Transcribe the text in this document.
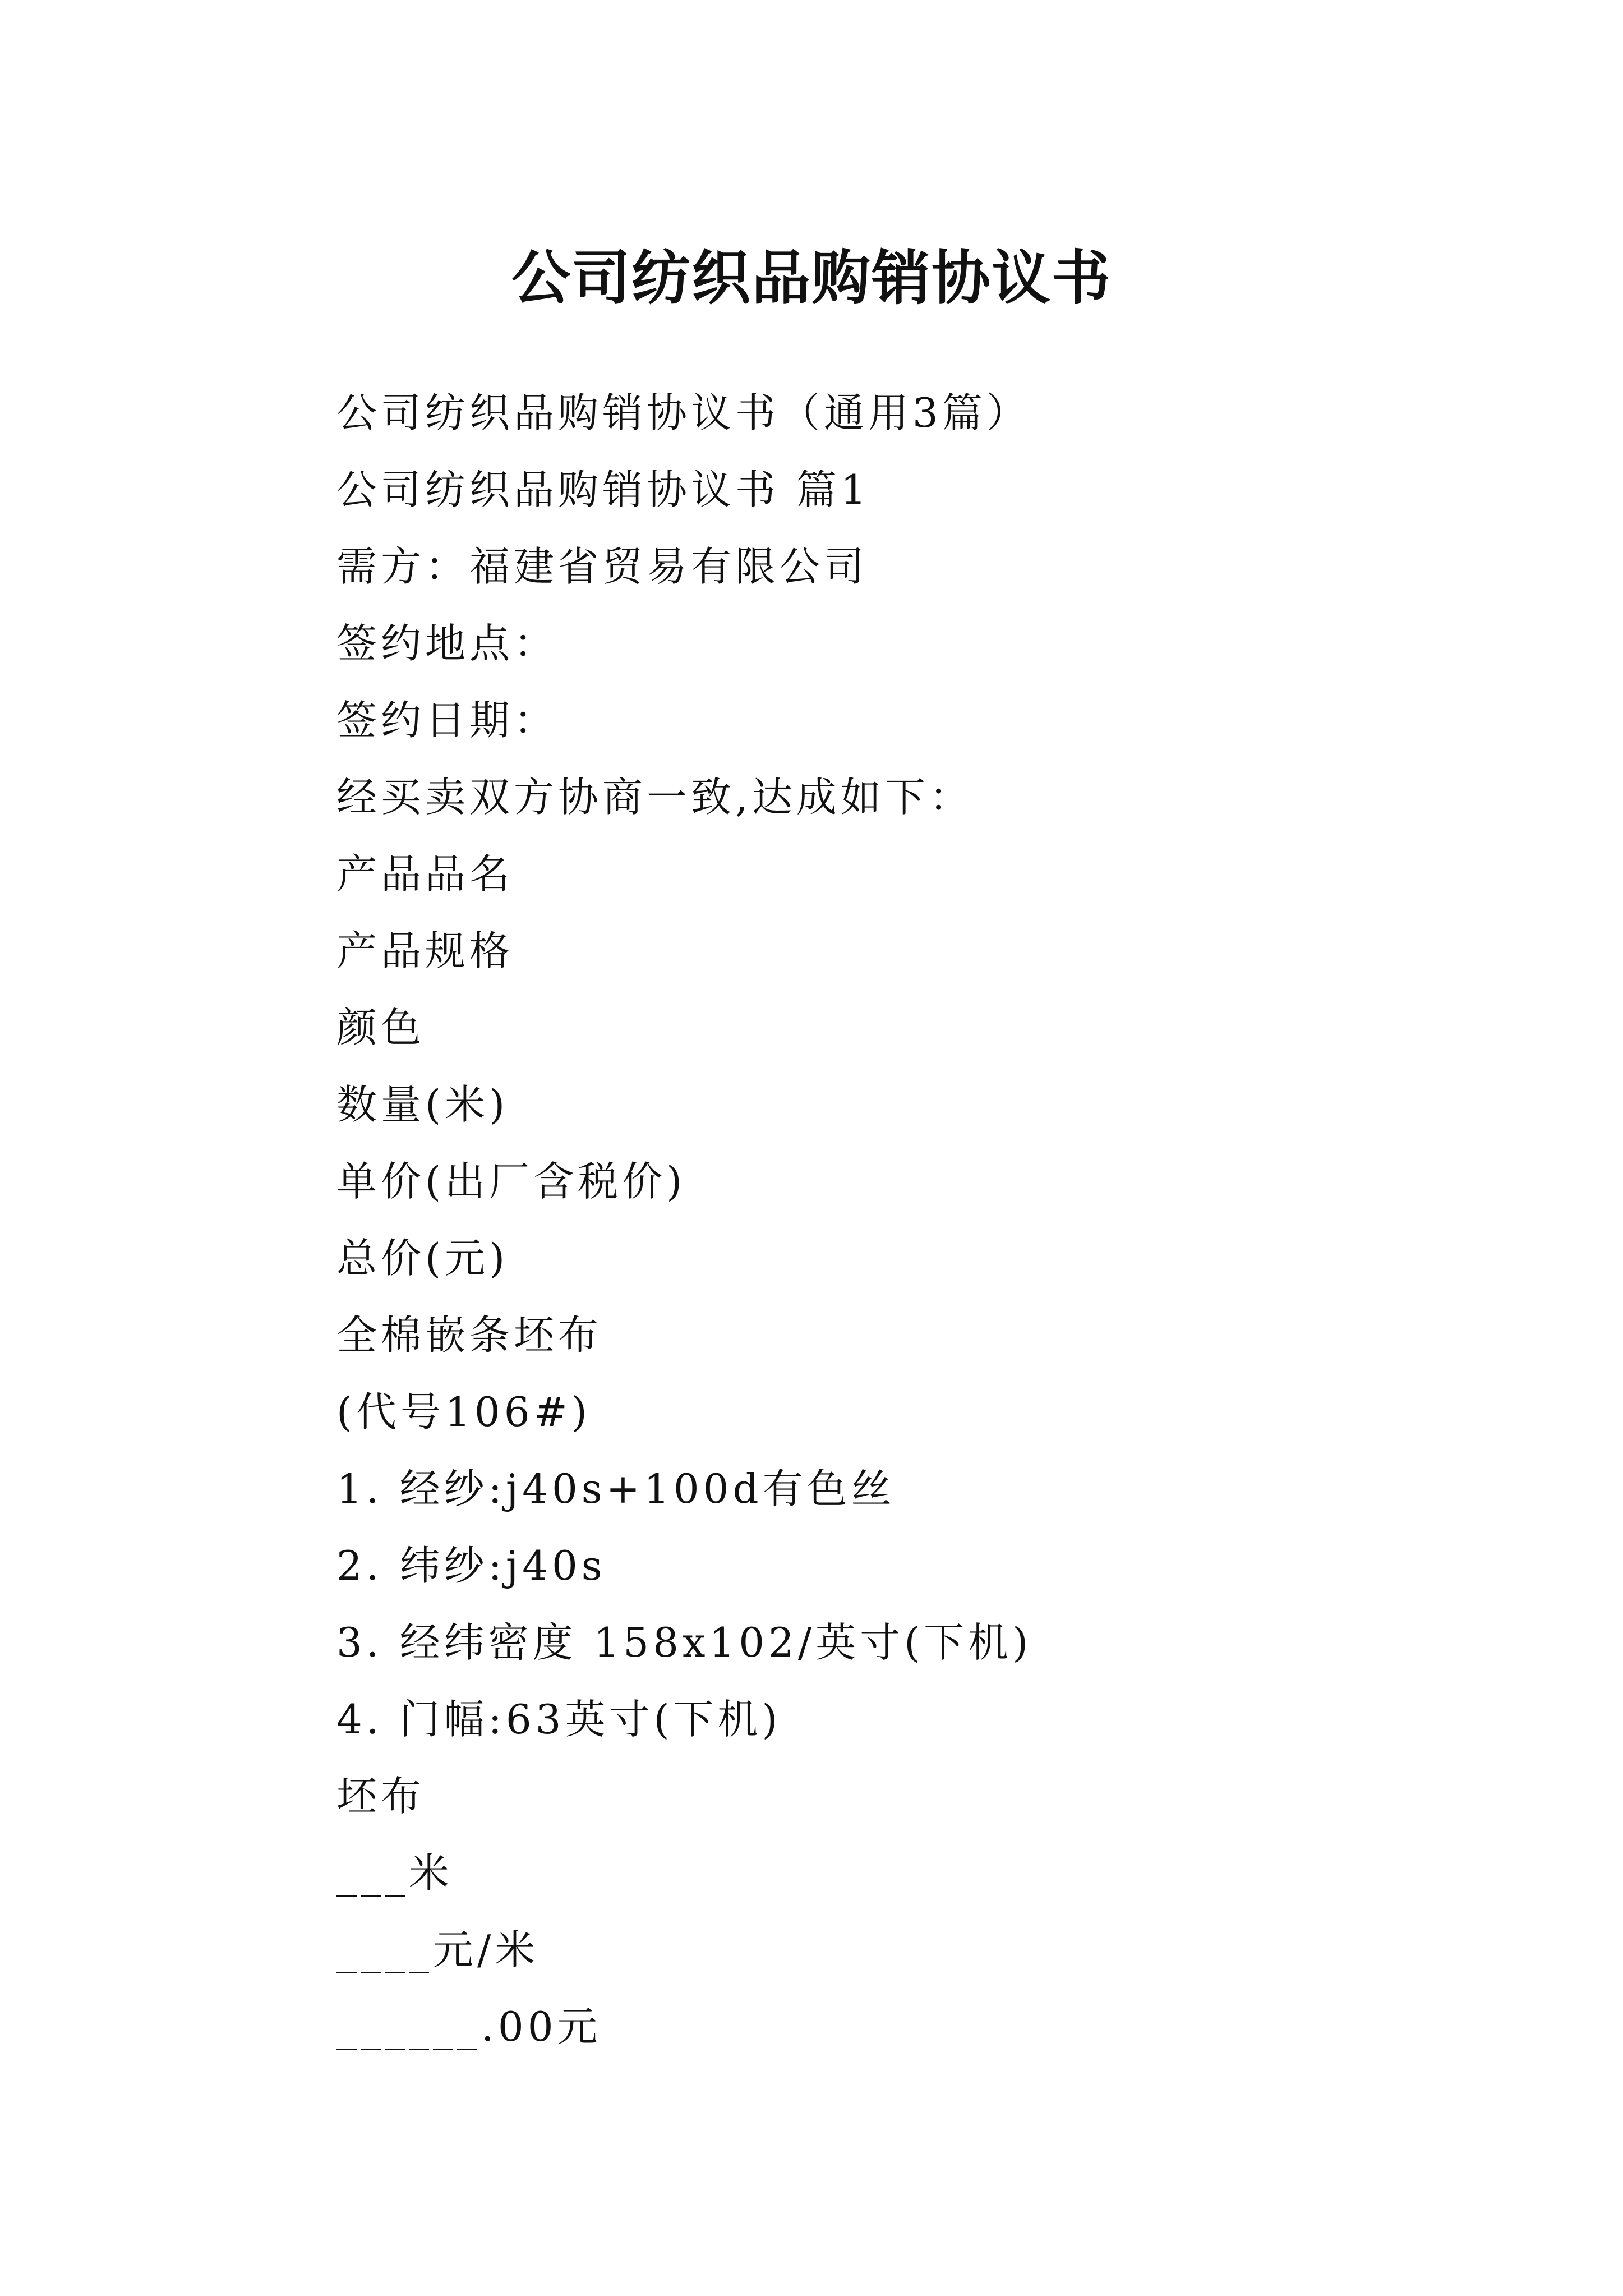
公司纺织品购销协议书
公司纺织品购销协议书（通用3篇）
公司纺织品购销协议书 篇1
需方：福建省贸易有限公司
签约地点：
签约日期：
经买卖双方协商一致,达成如下：
产品品名
产品规格
颜色
数量(米)
单价(出厂含税价)
总价(元)
全棉嵌条坯布
(代号106#)
1. 经纱:j40s+100d有色丝
2. 纬纱:j40s
3. 经纬密度 158x102/英寸(下机)
4. 门幅:63英寸(下机)
坯布
___米
____元/米
______.00元
